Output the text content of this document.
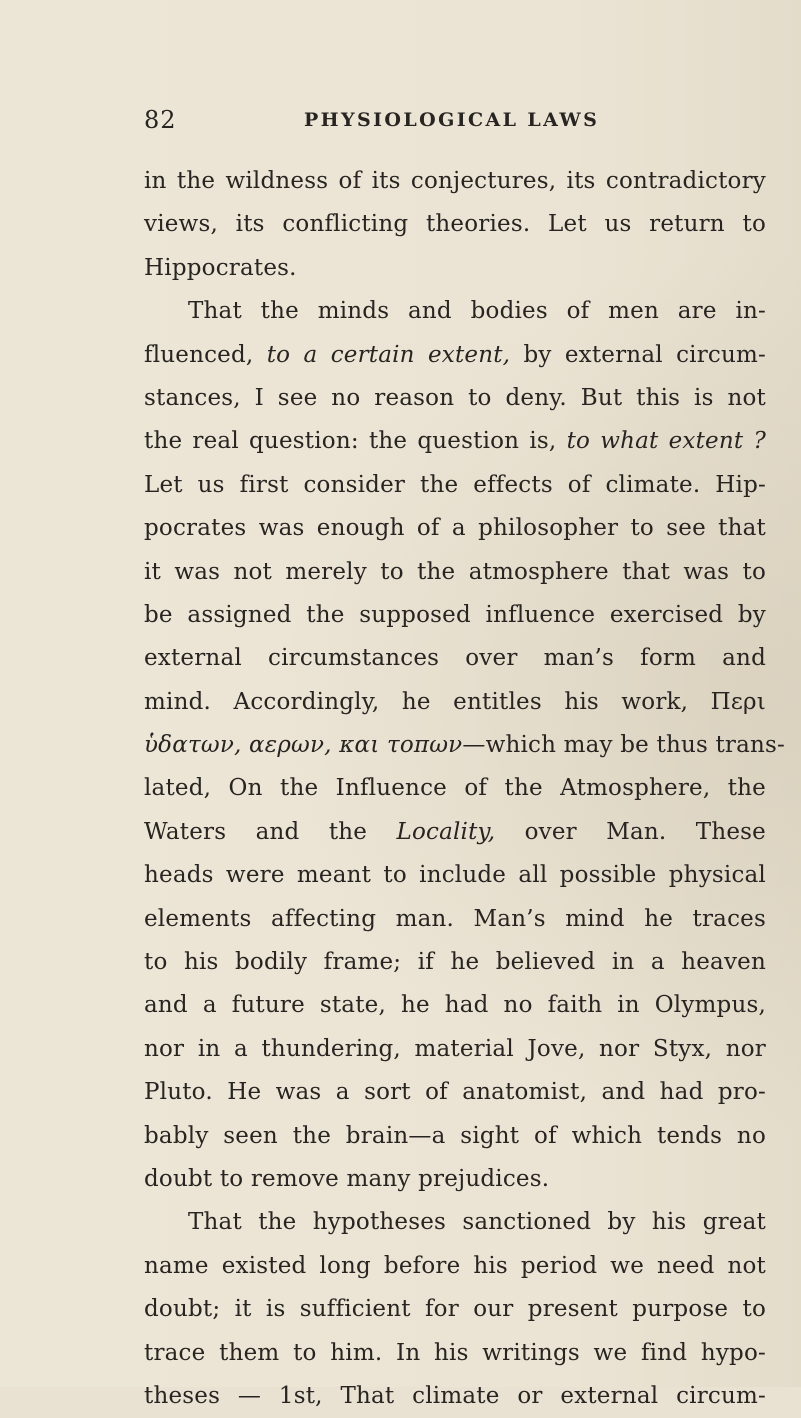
82	PHYSIOLOGICAL LAWS
in the wildness of its conjectures, its contradictory
views, its conflicting theories. Let us return to
Hippocrates.
That the minds and bodies of men are in-
fluenced, to a certain extent, by external circum-
stances, I see no reason to deny. But this is not
the real question: the question is, to what extent ?
Let us first consider the effects of climate. Hip-
pocrates was enough of a philosopher to see that
it was not merely to the atmosphere that was to
be assigned the supposed influence exercised by
external circumstances over man’s form and
mind. Accordingly, he entitles his work, Περι
ὑδατων, αερων, και τοπων—which may be thus trans-
lated, On the Influence of the Atmosphere, the
Waters and the Locality, over Man. These
heads were meant to include all possible physical
elements affecting man. Man’s mind he traces
to his bodily frame; if he believed in a heaven
and a future state, he had no faith in Olympus,
nor in a thundering, material Jove, nor Styx, nor
Pluto. He was a sort of anatomist, and had pro-
bably seen the brain—a sight of which tends no
doubt to remove many prejudices.
That the hypotheses sanctioned by his great
name existed long before his period we need not
doubt; it is sufficient for our present purpose to
trace them to him. In his writings we find hypo-
theses — 1st, That climate or external circum-
